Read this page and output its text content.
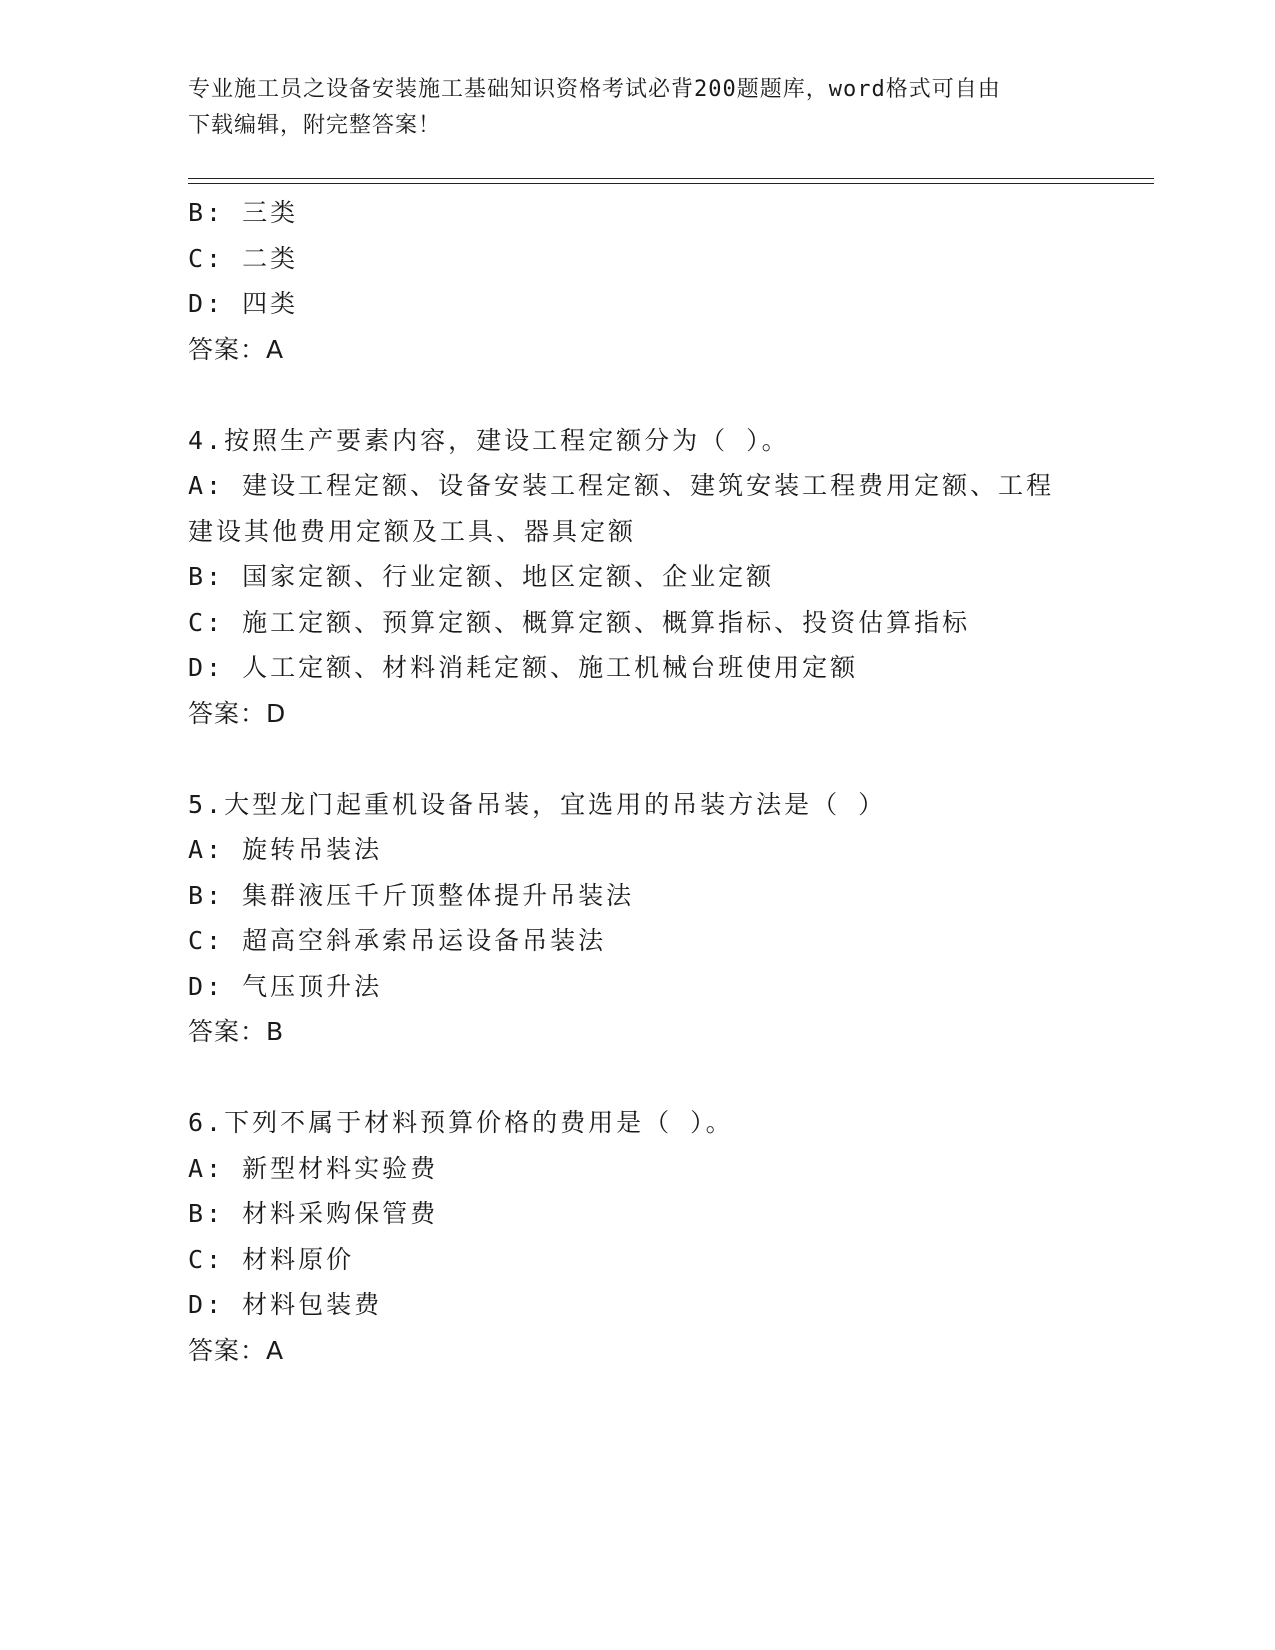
专业施工员之设备安装施工基础知识资格考试必背200题题库，word格式可自由
下载编辑，附完整答案！
B: 三类
C: 二类
D: 四类
答案：A
4.按照生产要素内容，建设工程定额分为（ ）。
A: 建设工程定额、设备安装工程定额、建筑安装工程费用定额、工程
建设其他费用定额及工具、器具定额
B: 国家定额、行业定额、地区定额、企业定额
C: 施工定额、预算定额、概算定额、概算指标、投资估算指标
D: 人工定额、材料消耗定额、施工机械台班使用定额
答案：D
5.大型龙门起重机设备吊装，宜选用的吊装方法是（ ）
A: 旋转吊装法
B: 集群液压千斤顶整体提升吊装法
C: 超高空斜承索吊运设备吊装法
D: 气压顶升法
答案：B
6.下列不属于材料预算价格的费用是（ ）。
A: 新型材料实验费
B: 材料采购保管费
C: 材料原价
D: 材料包装费
答案：A
